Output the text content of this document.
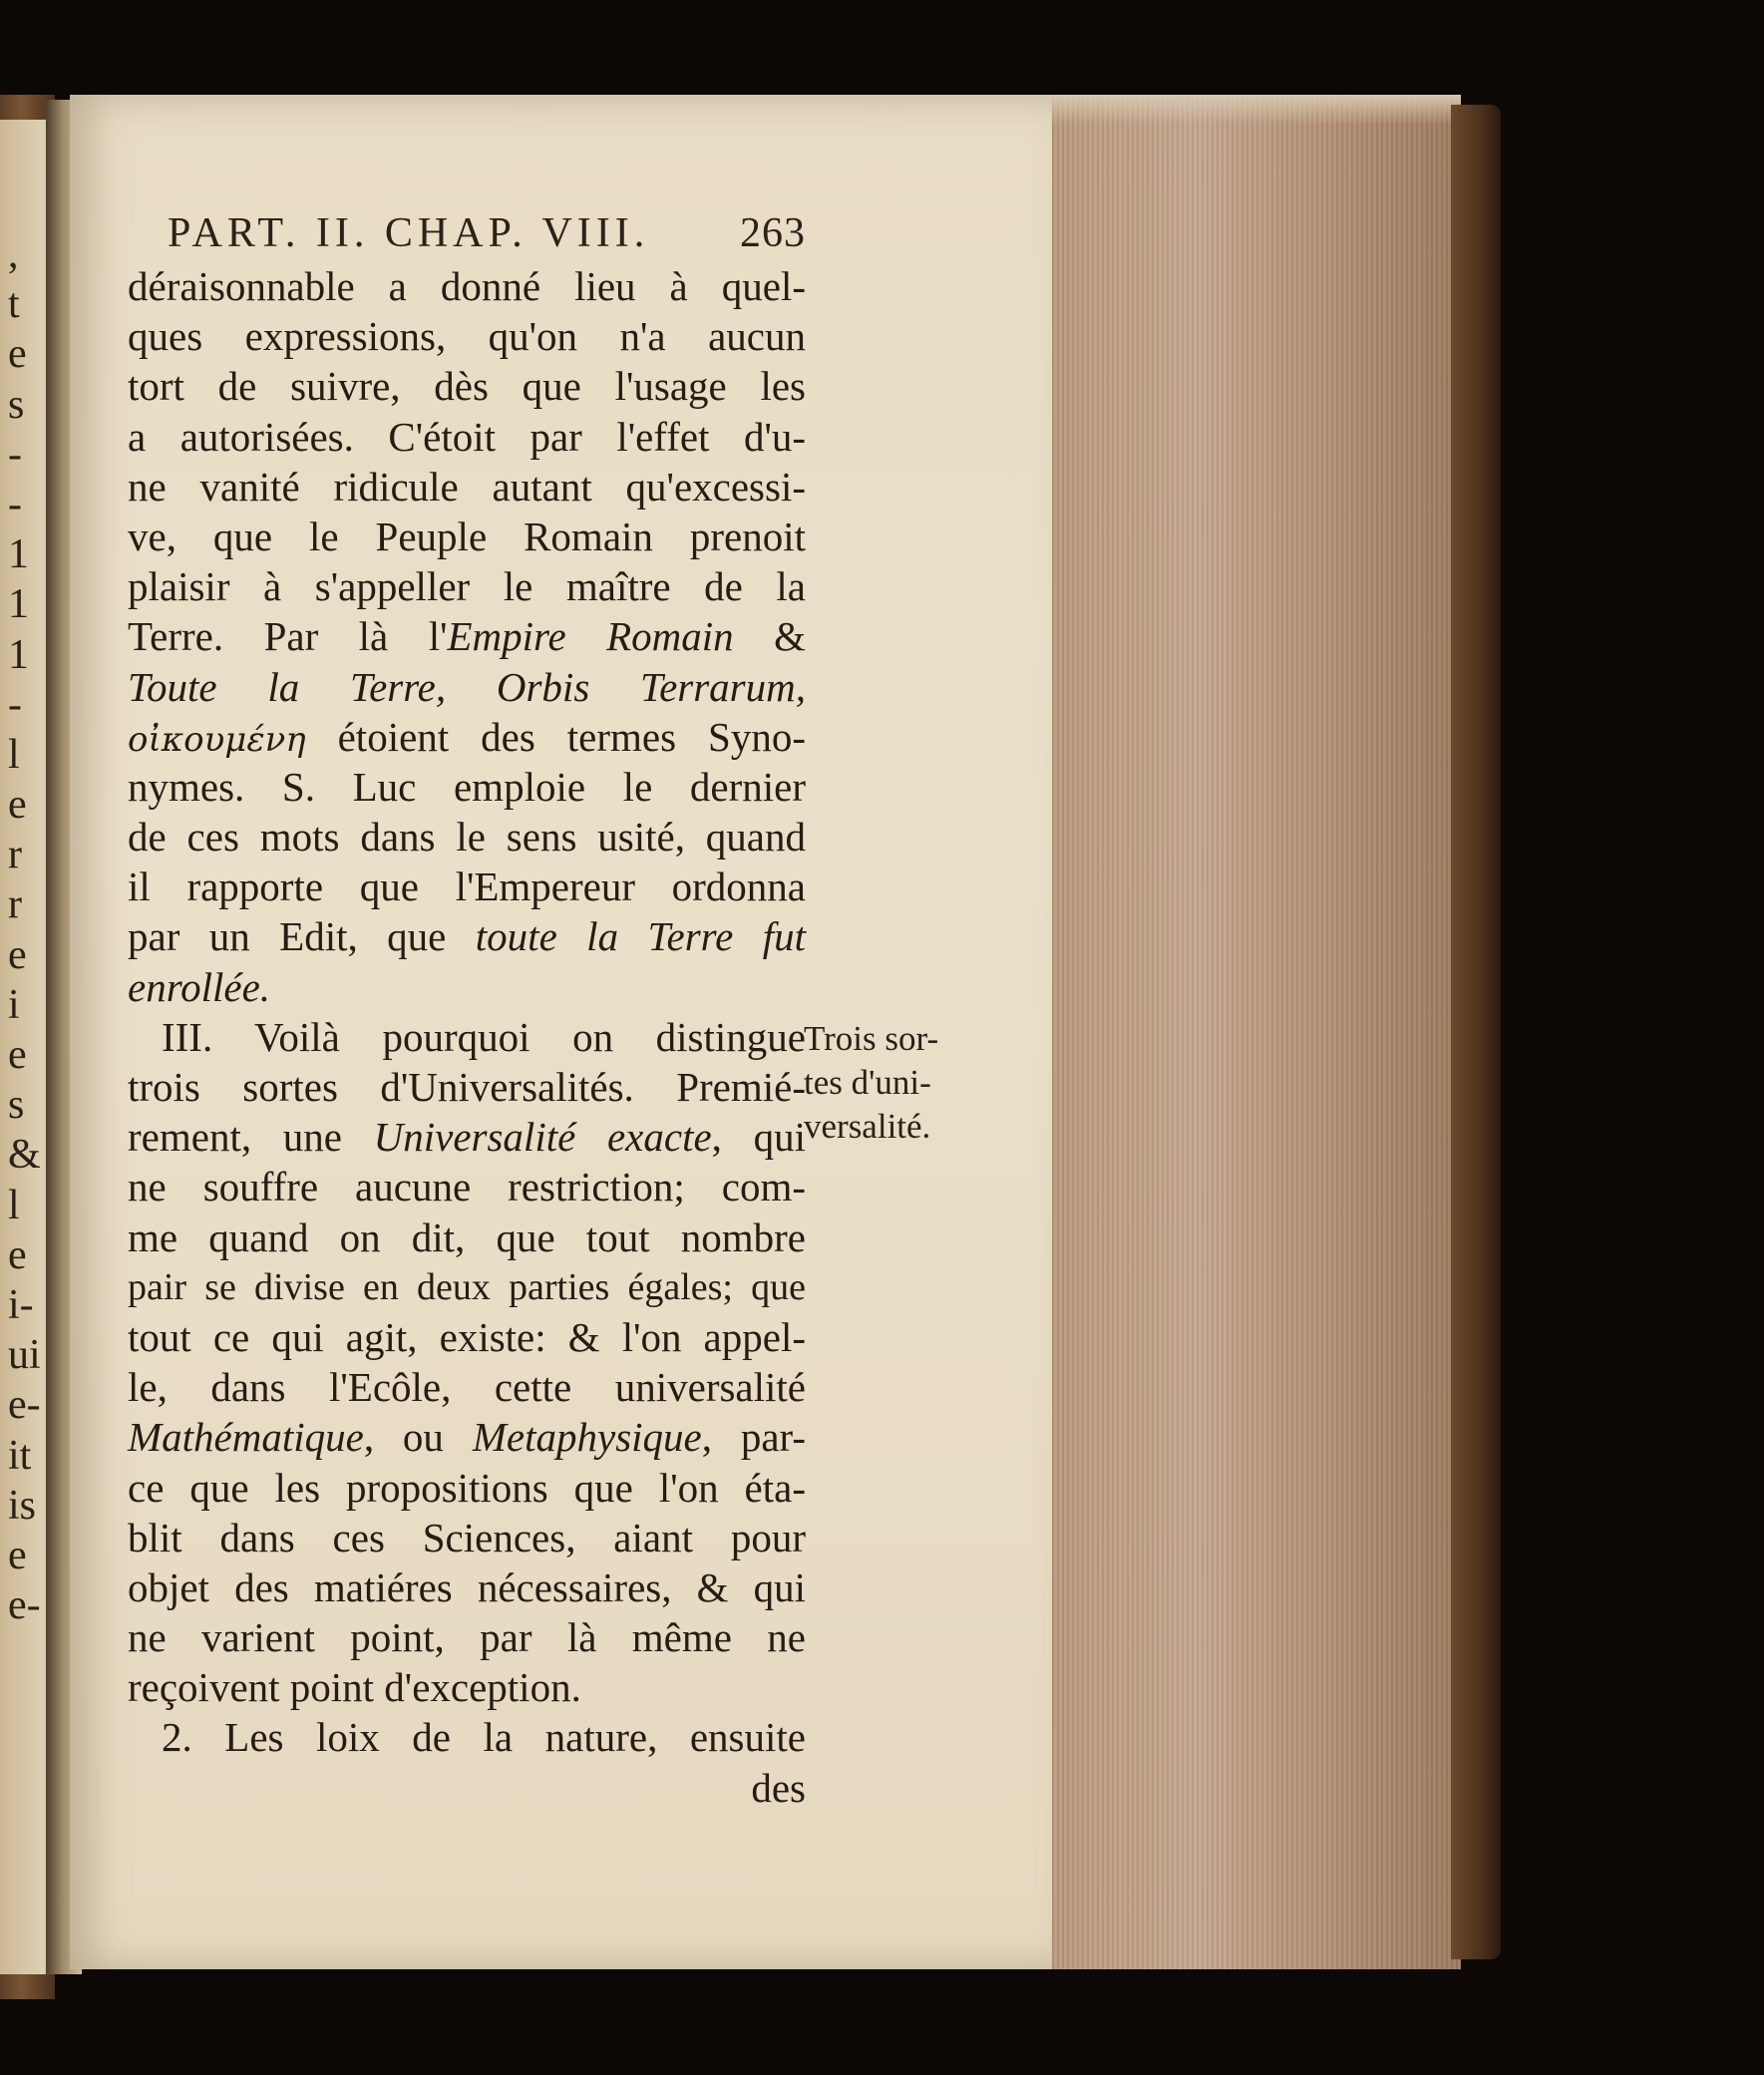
,
t
e
s
-
-
1
1
1
-
l
e
r
r
e
i
e
s
&
l
e
i-
ui
e-
it
is
e
e-
PART. II. CHAP. VIII. 263
déraisonnable a donné lieu à quel-
ques expressions, qu'on n'a aucun
tort de suivre, dès que l'usage les
a autorisées. C'étoit par l'effet d'u-
ne vanité ridicule autant qu'excessi-
ve, que le Peuple Romain prenoit
plaisir à s'appeller le maître de la
Terre. Par là l'Empire Romain &
Toute la Terre, Orbis Terrarum,
οἰκουμένη étoient des termes Syno-
nymes. S. Luc emploie le dernier
de ces mots dans le sens usité, quand
il rapporte que l'Empereur ordonna
par un Edit, que toute la Terre fut
enrollée.
III. Voilà pourquoi on distingue
trois sortes d'Universalités. Premié-
rement, une Universalité exacte, qui
ne souffre aucune restriction; com-
me quand on dit, que tout nombre
pair se divise en deux parties égales; que
tout ce qui agit, existe: & l'on appel-
le, dans l'Ecôle, cette universalité
Mathématique, ou Metaphysique, par-
ce que les propositions que l'on éta-
blit dans ces Sciences, aiant pour
objet des matiéres nécessaires, & qui
ne varient point, par là même ne
reçoivent point d'exception.
2. Les loix de la nature, ensuite
des
Trois sor-
tes d'uni-
versalité.
